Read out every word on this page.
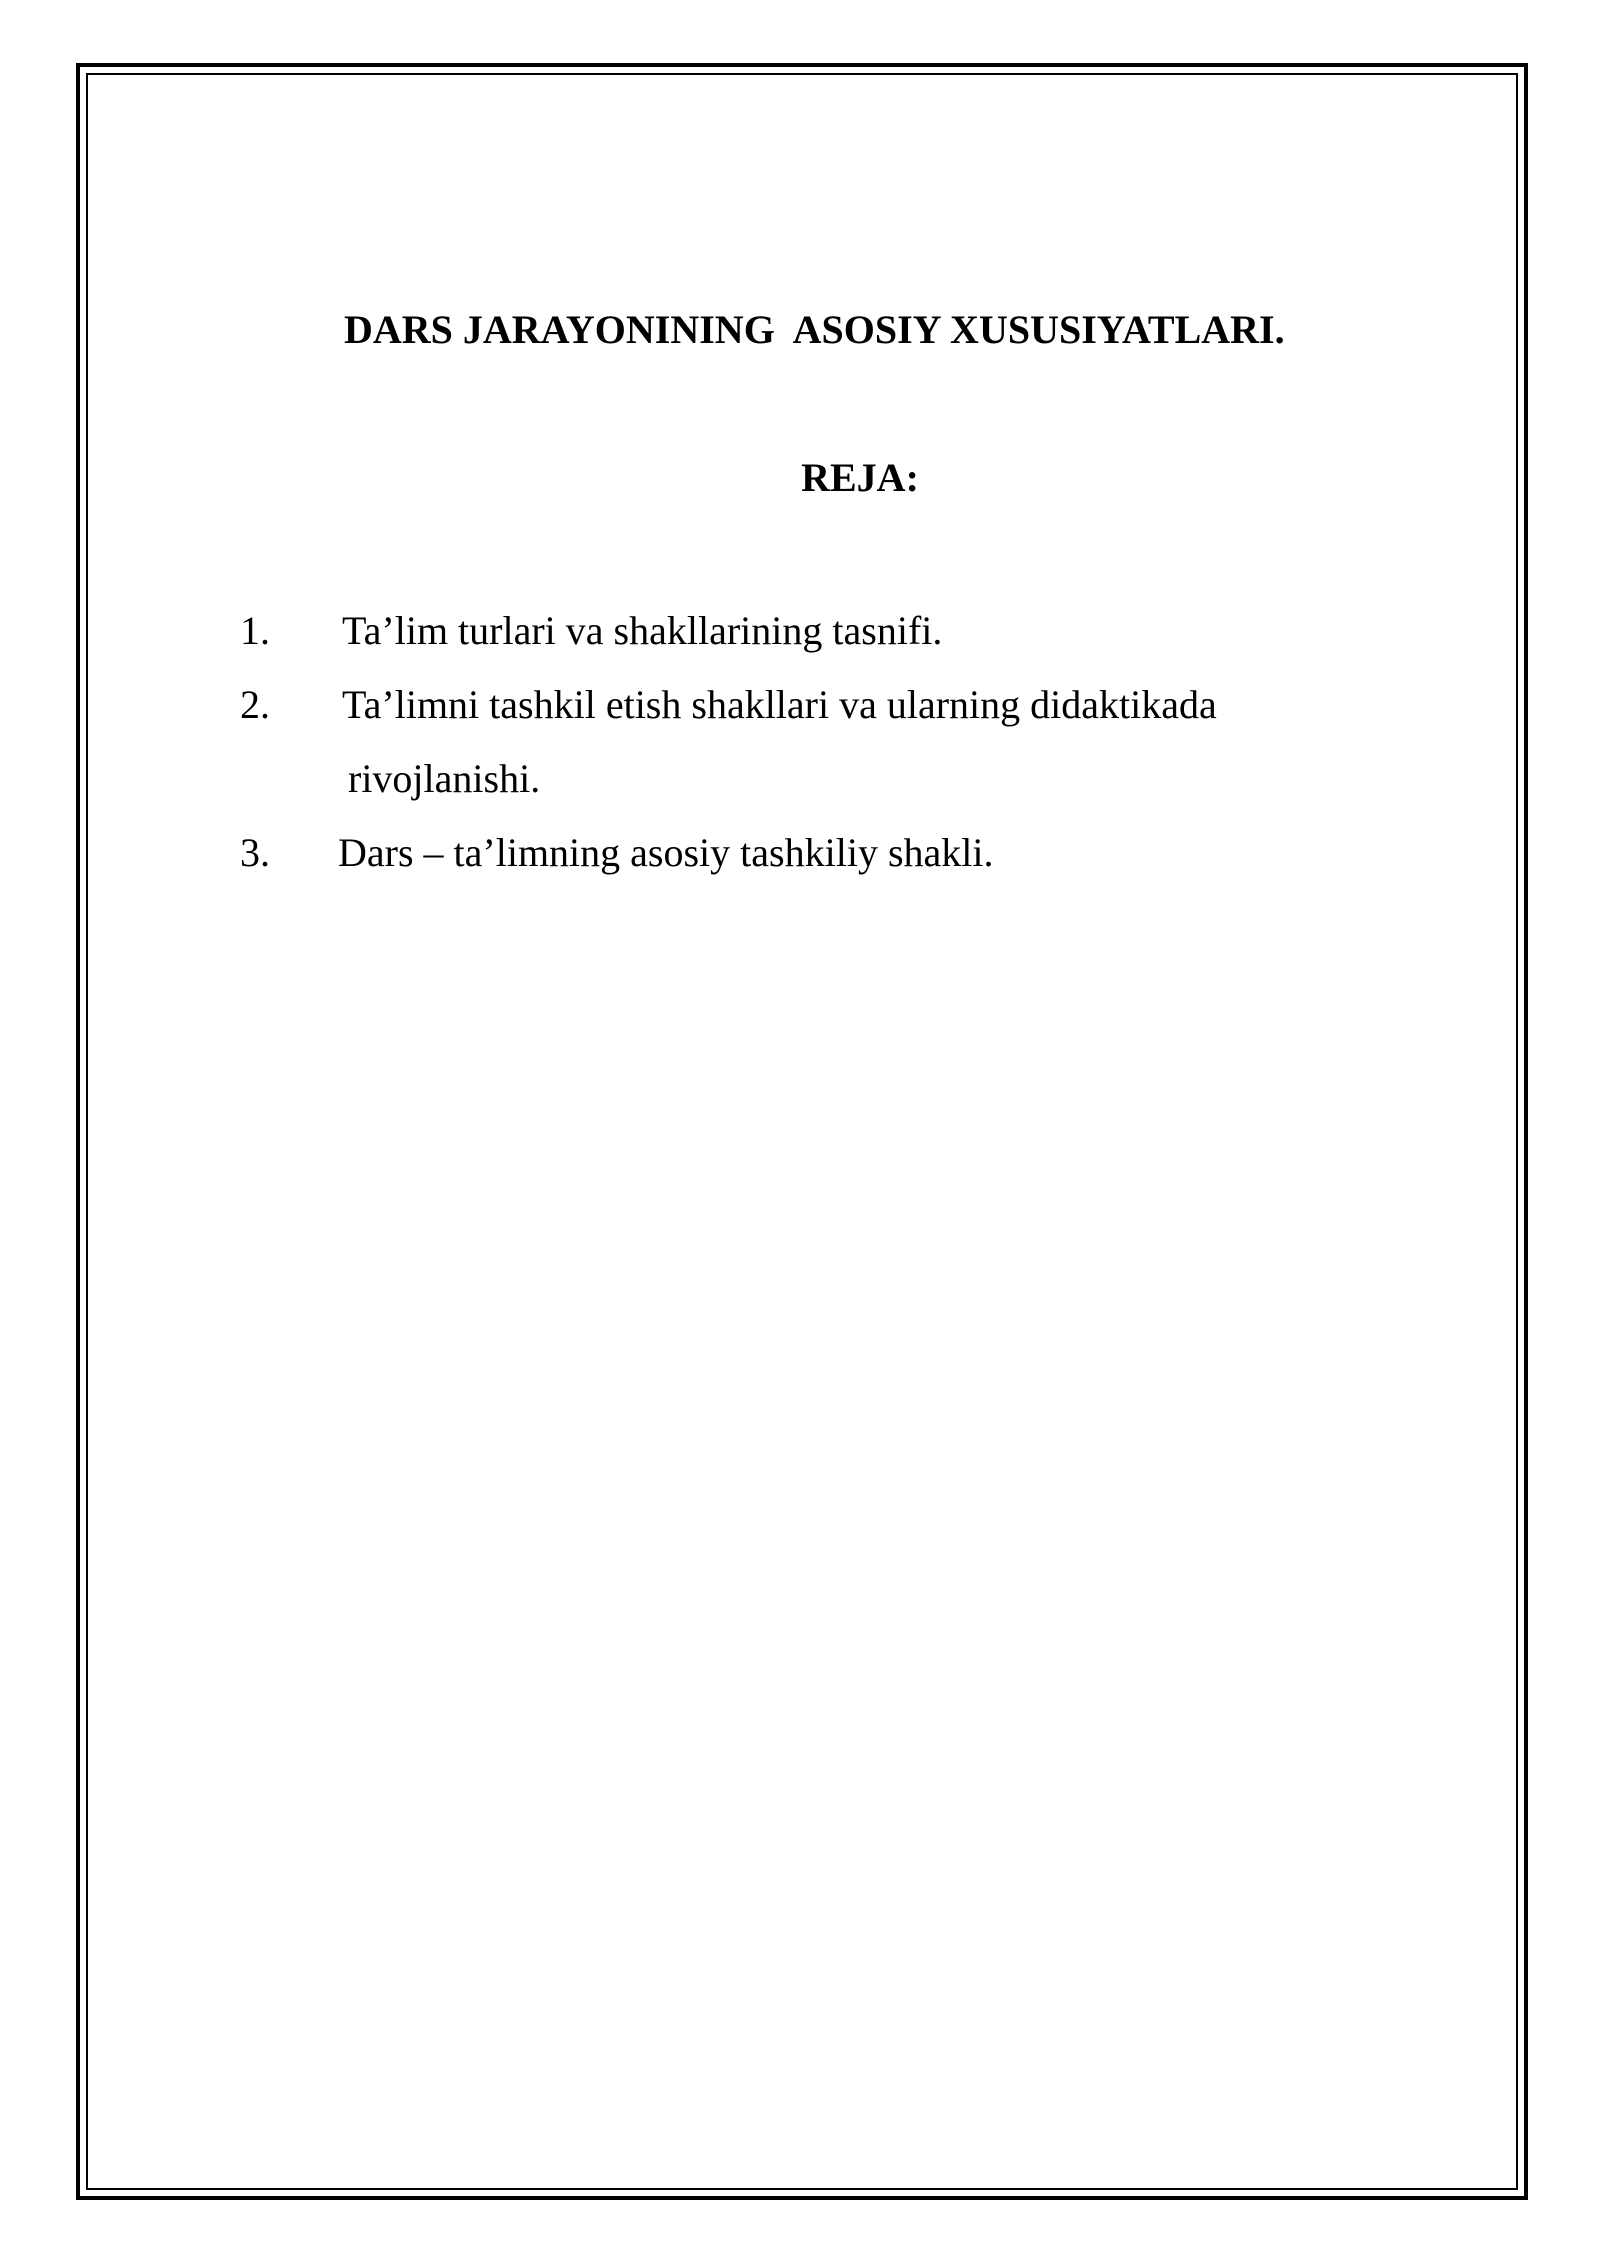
DARS JARAYONINING  ASOSIY XUSUSIYATLARI.
REJA:
1. Ta’lim turlari va shakllarining tasnifi.
2. Ta’limni tashkil etish shakllari va ularning didaktikada
rivojlanishi.
3. Dars – ta’limning asosiy tashkiliy shakli.
